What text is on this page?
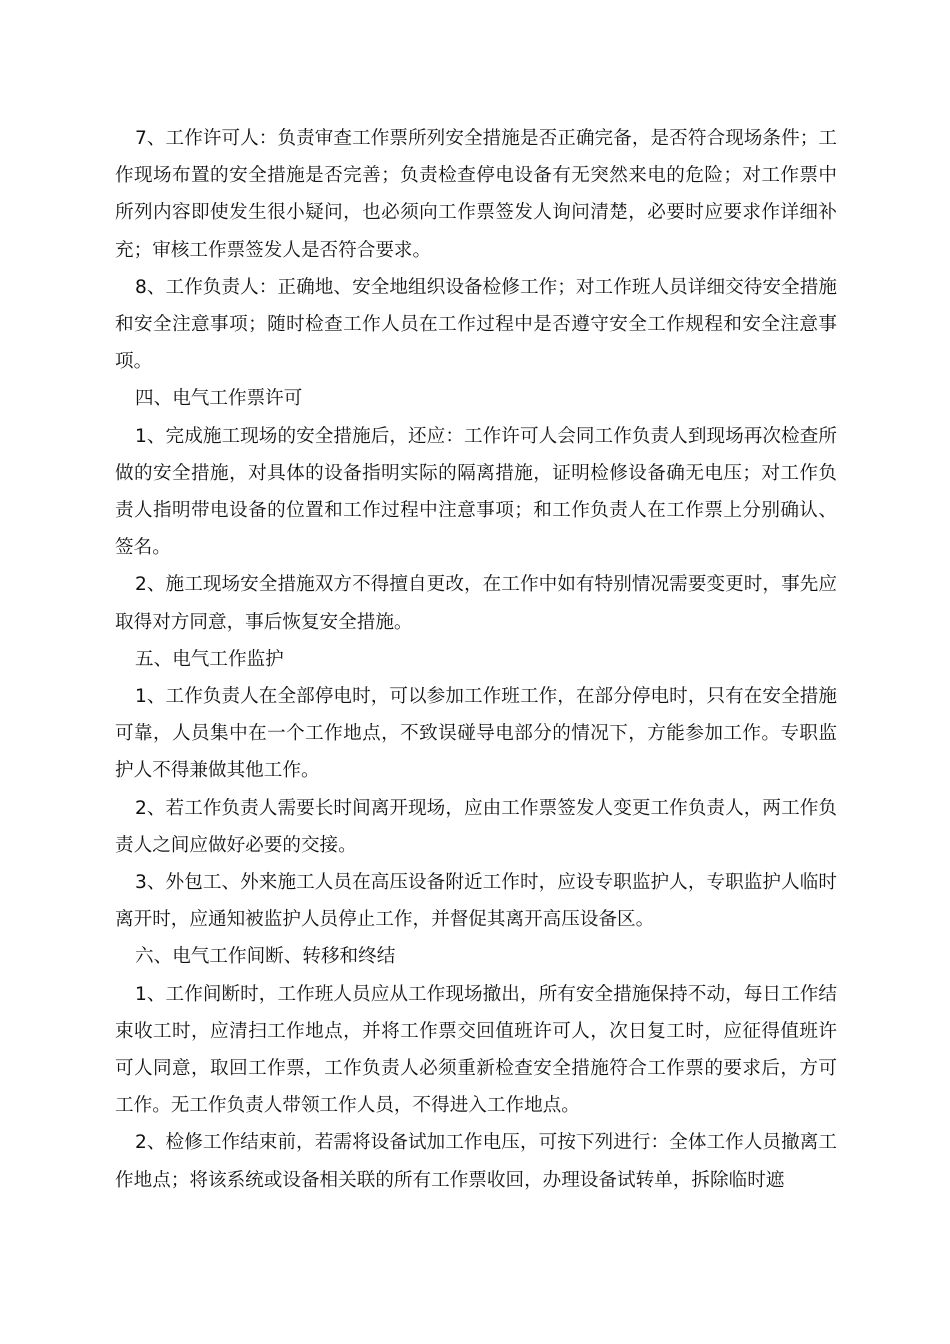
7、工作许可人：负责审查工作票所列安全措施是否正确完备，是否符合现场条件；工作现场布置的安全措施是否完善；负责检查停电设备有无突然来电的危险；对工作票中所列内容即使发生很小疑问，也必须向工作票签发人询问清楚，必要时应要求作详细补充；审核工作票签发人是否符合要求。

8、工作负责人：正确地、安全地组织设备检修工作；对工作班人员详细交待安全措施和安全注意事项；随时检查工作人员在工作过程中是否遵守安全工作规程和安全注意事项。

四、电气工作票许可

1、完成施工现场的安全措施后，还应：工作许可人会同工作负责人到现场再次检查所做的安全措施，对具体的设备指明实际的隔离措施，证明检修设备确无电压；对工作负责人指明带电设备的位置和工作过程中注意事项；和工作负责人在工作票上分别确认、签名。

2、施工现场安全措施双方不得擅自更改，在工作中如有特别情况需要变更时，事先应取得对方同意，事后恢复安全措施。

五、电气工作监护

1、工作负责人在全部停电时，可以参加工作班工作，在部分停电时，只有在安全措施可靠，人员集中在一个工作地点，不致误碰导电部分的情况下，方能参加工作。专职监护人不得兼做其他工作。

2、若工作负责人需要长时间离开现场，应由工作票签发人变更工作负责人，两工作负责人之间应做好必要的交接。

3、外包工、外来施工人员在高压设备附近工作时，应设专职监护人，专职监护人临时离开时，应通知被监护人员停止工作，并督促其离开高压设备区。

六、电气工作间断、转移和终结

1、工作间断时，工作班人员应从工作现场撤出，所有安全措施保持不动，每日工作结束收工时，应清扫工作地点，并将工作票交回值班许可人，次日复工时，应征得值班许可人同意，取回工作票，工作负责人必须重新检查安全措施符合工作票的要求后，方可工作。无工作负责人带领工作人员，不得进入工作地点。

2、检修工作结束前，若需将设备试加工作电压，可按下列进行：全体工作人员撤离工作地点；将该系统或设备相关联的所有工作票收回，办理设备试转单，拆除临时遮
